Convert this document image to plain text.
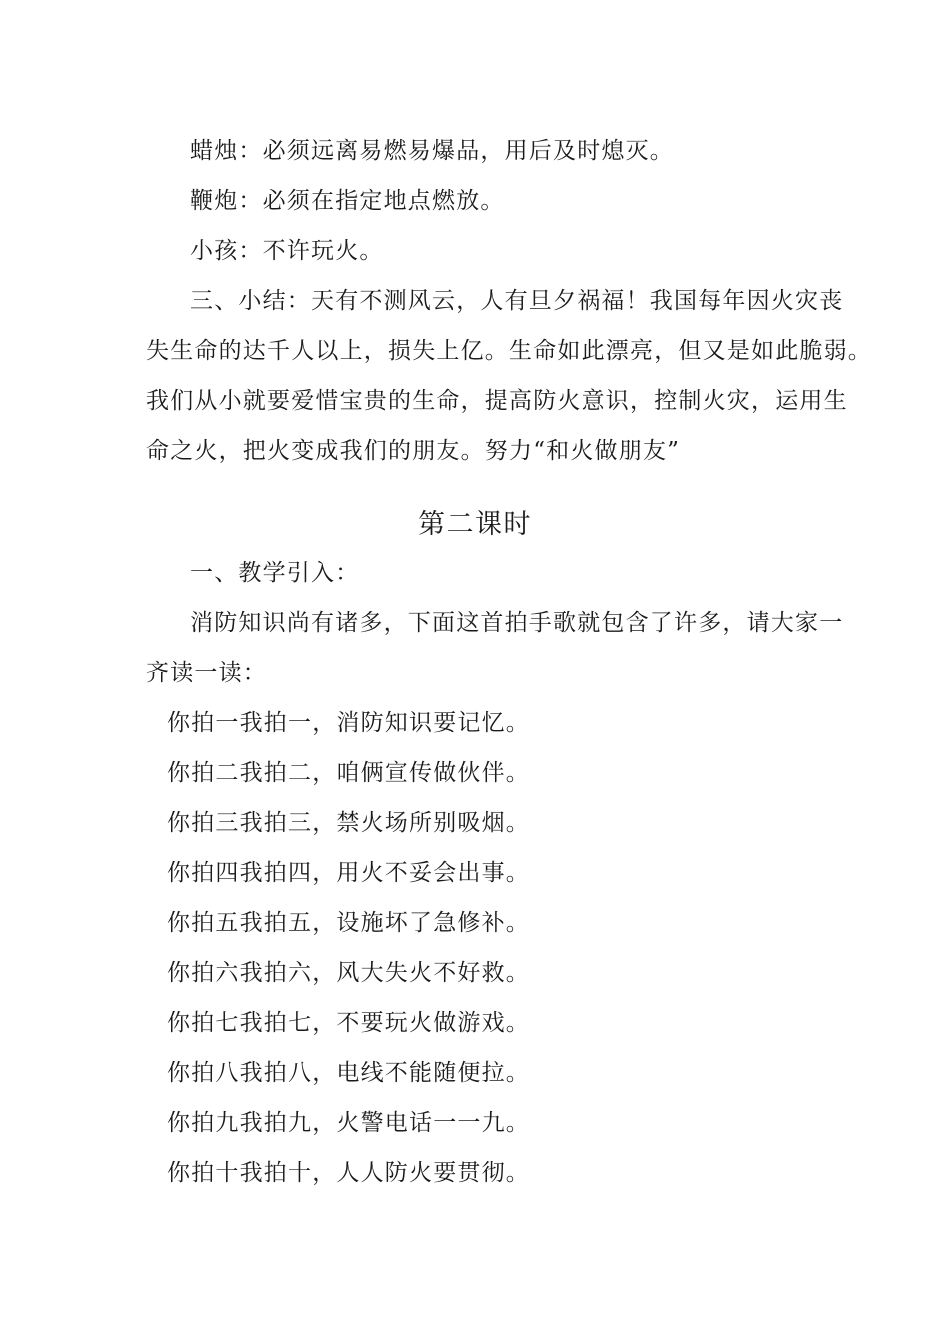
蜡烛：必须远离易燃易爆品，用后及时熄灭。
鞭炮：必须在指定地点燃放。
小孩：不许玩火。
三、小结：天有不测风云，人有旦夕祸福！我国每年因火灾丧
失生命的达千人以上，损失上亿。生命如此漂亮，但又是如此脆弱。
我们从小就要爱惜宝贵的生命，提高防火意识，控制火灾，运用生
命之火，把火变成我们的朋友。努力“和火做朋友”
第二课时
一、教学引入：
消防知识尚有诸多，下面这首拍手歌就包含了许多，请大家一
齐读一读：
你拍一我拍一，消防知识要记忆。
你拍二我拍二，咱俩宣传做伙伴。
你拍三我拍三，禁火场所别吸烟。
你拍四我拍四，用火不妥会出事。
你拍五我拍五，设施坏了急修补。
你拍六我拍六，风大失火不好救。
你拍七我拍七，不要玩火做游戏。
你拍八我拍八，电线不能随便拉。
你拍九我拍九，火警电话一一九。
你拍十我拍十，人人防火要贯彻。
